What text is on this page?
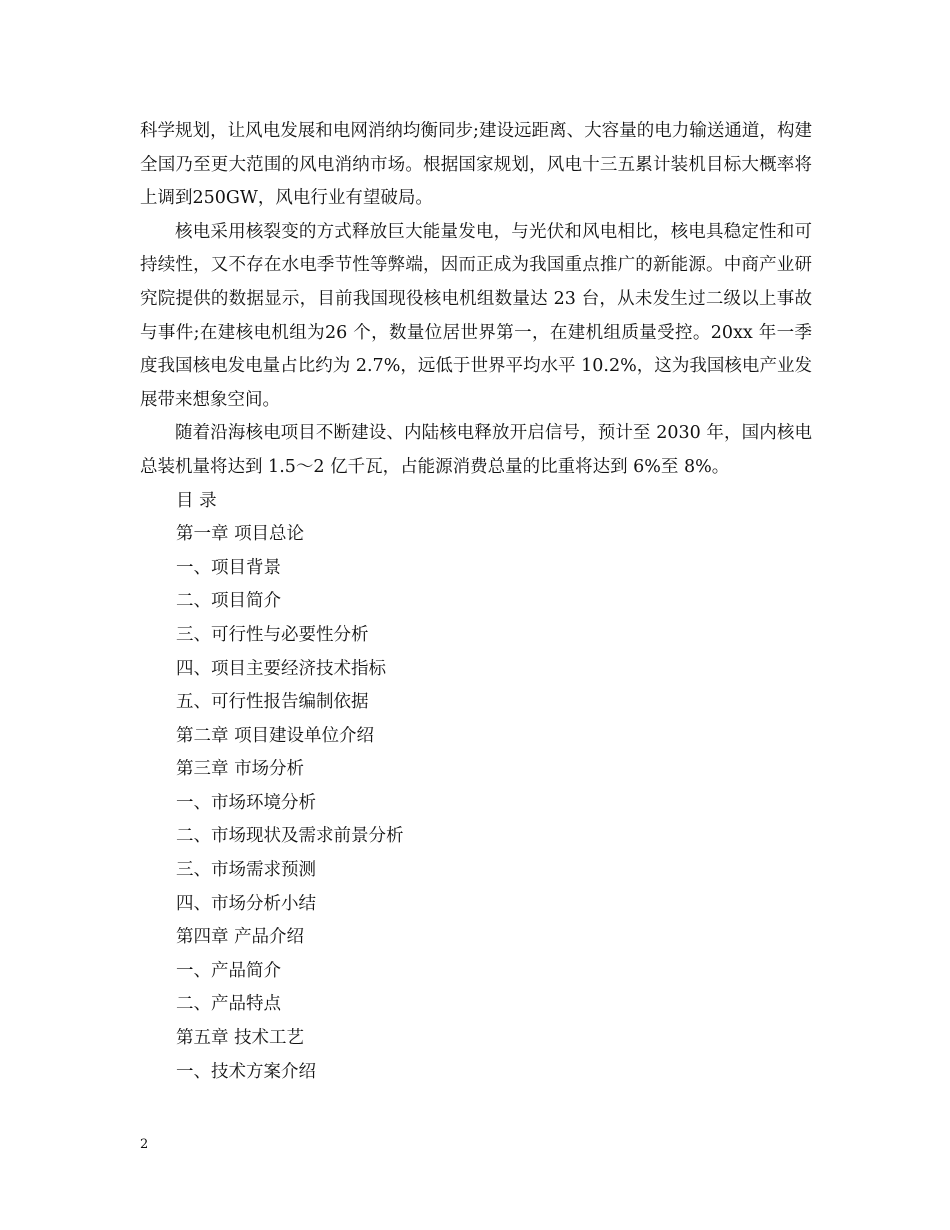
科学规划，让风电发展和电网消纳均衡同步;建设远距离、大容量的电力输送通道，构建全国乃至更大范围的风电消纳市场。根据国家规划，风电十三五累计装机目标大概率将上调到250GW，风电行业有望破局。

核电采用核裂变的方式释放巨大能量发电，与光伏和风电相比，核电具稳定性和可持续性，又不存在水电季节性等弊端，因而正成为我国重点推广的新能源。中商产业研究院提供的数据显示，目前我国现役核电机组数量达 23 台，从未发生过二级以上事故与事件;在建核电机组为26 个，数量位居世界第一，在建机组质量受控。20xx 年一季度我国核电发电量占比约为 2.7%，远低于世界平均水平 10.2%，这为我国核电产业发展带来想象空间。

随着沿海核电项目不断建设、内陆核电释放开启信号，预计至 2030 年，国内核电总装机量将达到 1.5～2 亿千瓦，占能源消费总量的比重将达到 6%至 8%。

目 录
第一章 项目总论
一、项目背景
二、项目简介
三、可行性与必要性分析
四、项目主要经济技术指标
五、可行性报告编制依据
第二章 项目建设单位介绍
第三章 市场分析
一、市场环境分析
二、市场现状及需求前景分析
三、市场需求预测
四、市场分析小结
第四章 产品介绍
一、产品简介
二、产品特点
第五章 技术工艺
一、技术方案介绍
2
